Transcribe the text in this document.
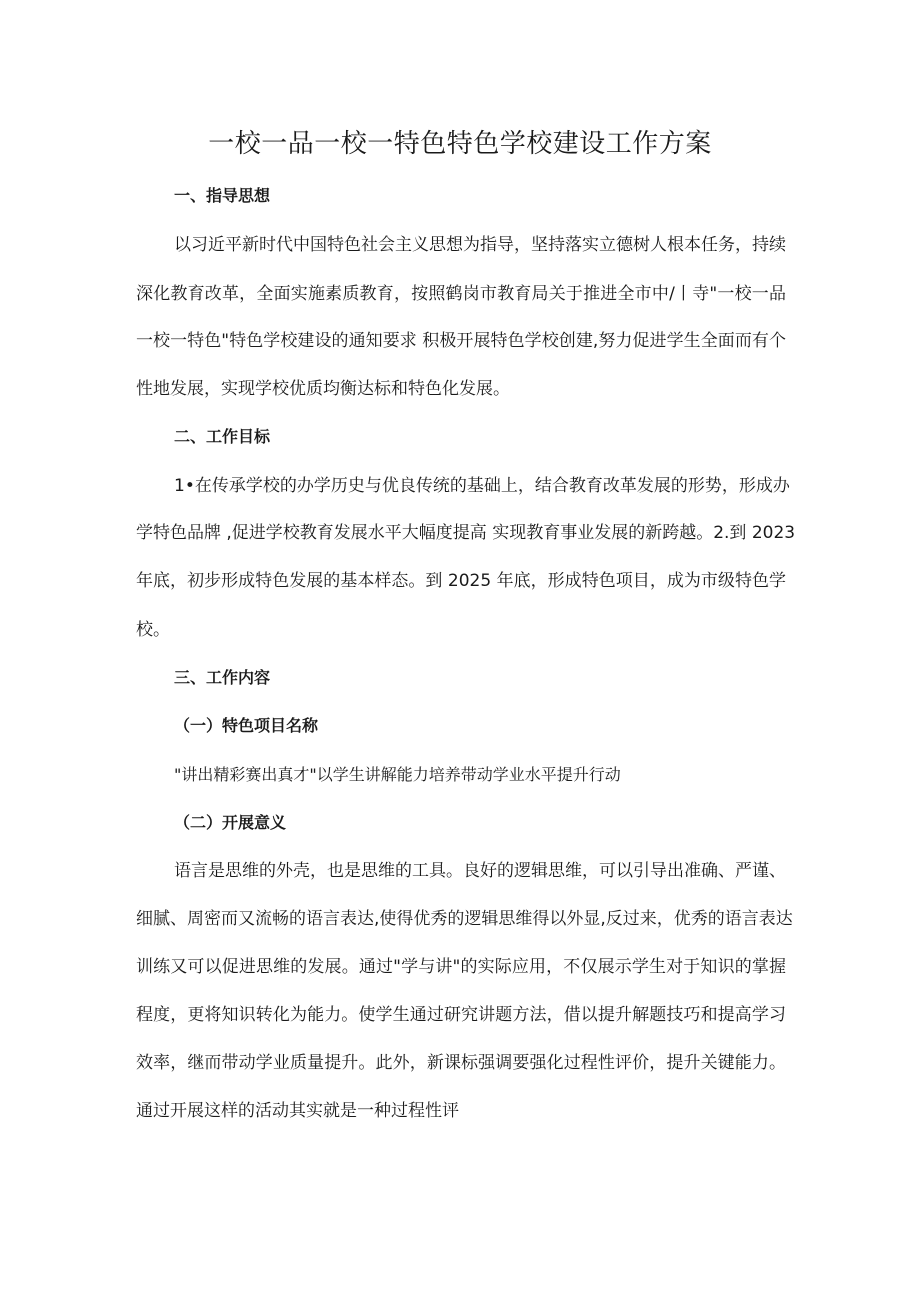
一校一品一校一特色特色学校建设工作方案
一、指导思想
以习近平新时代中国特色社会主义思想为指导，坚持落实立德树人根本任务，持续
深化教育改革，全面实施素质教育，按照鹤岗市教育局关于推进全市中/丨寺"一校一品
一校一特色"特色学校建设的通知要求 积极开展特色学校创建,努力促进学生全面而有个
性地发展，实现学校优质均衡达标和特色化发展。
二、工作目标
1•在传承学校的办学历史与优良传统的基础上，结合教育改革发展的形势，形成办
学特色品牌 ,促进学校教育发展水平大幅度提高 实现教育事业发展的新跨越。2.到 2023
年底，初步形成特色发展的基本样态。到 2025 年底，形成特色项目，成为市级特色学
校。
三、工作内容
（一）特色项目名称
"讲出精彩赛出真才"以学生讲解能力培养带动学业水平提升行动
（二）开展意义
语言是思维的外壳，也是思维的工具。良好的逻辑思维，可以引导出准确、严谨、
细腻、周密而又流畅的语言表达,使得优秀的逻辑思维得以外显,反过来，优秀的语言表达
训练又可以促进思维的发展。通过"学与讲"的实际应用，不仅展示学生对于知识的掌握
程度，更将知识转化为能力。使学生通过研究讲题方法，借以提升解题技巧和提高学习
效率，继而带动学业质量提升。此外，新课标强调要强化过程性评价，提升关键能力。
通过开展这样的活动其实就是一种过程性评
